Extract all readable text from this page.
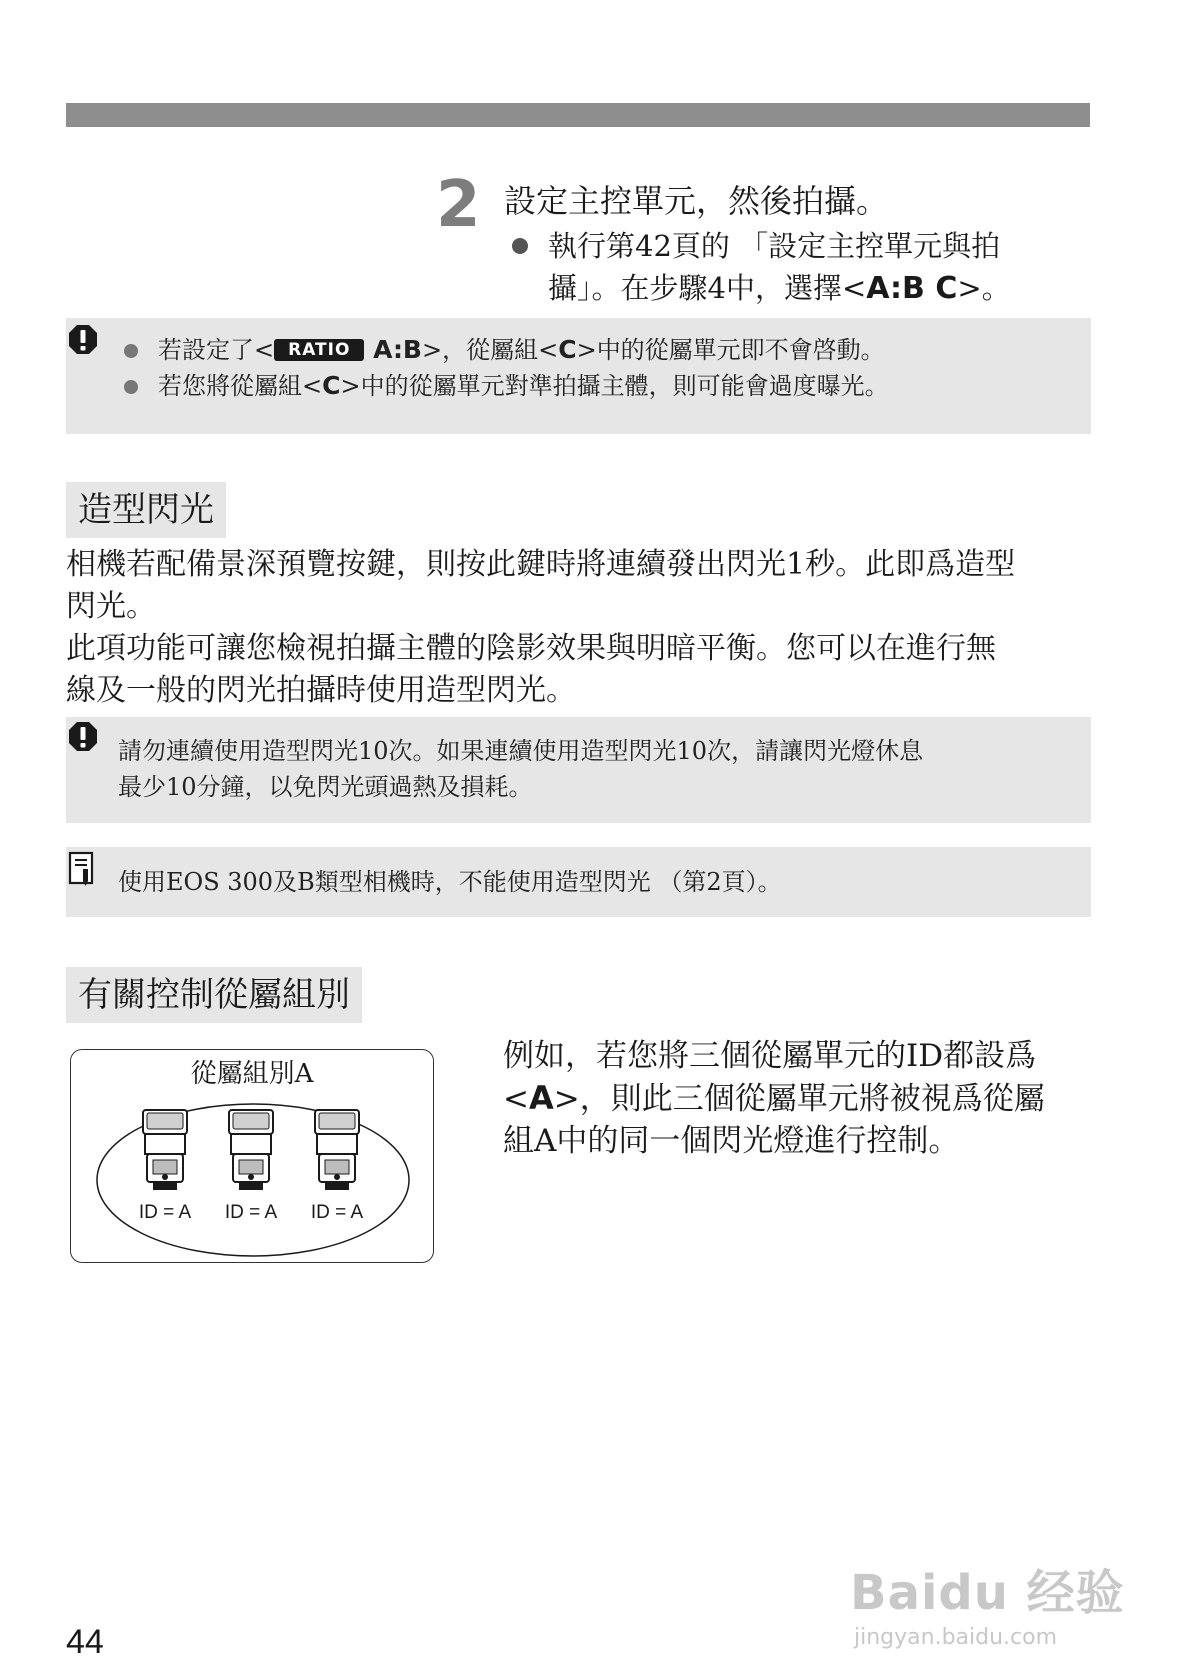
2 設定主控單元，然後拍攝。
執行第42頁的 「設定主控單元與拍
攝」。在步驟4中，選擇<A:B C>。
若設定了< RATIO A:B>，從屬組<C>中的從屬單元即不會啓動。
若您將從屬組<C>中的從屬單元對準拍攝主體，則可能會過度曝光。
造型閃光
相機若配備景深預覽按鍵，則按此鍵時將連續發出閃光1秒。此即爲造型
閃光。
此項功能可讓您檢視拍攝主體的陰影效果與明暗平衡。您可以在進行無
線及一般的閃光拍攝時使用造型閃光。
請勿連續使用造型閃光10次。如果連續使用造型閃光10次，請讓閃光燈休息
最少10分鐘，以免閃光頭過熱及損耗。
使用EOS 300及B類型相機時，不能使用造型閃光 （第2頁）。
有關控制從屬組別
從屬組別A
ID = A	ID = A	ID = A
例如，若您將三個從屬單元的ID都設爲
<A>，則此三個從屬單元將被視爲從屬
組A中的同一個閃光燈進行控制。
44
Baidu 经验
jingyan.baidu.com
